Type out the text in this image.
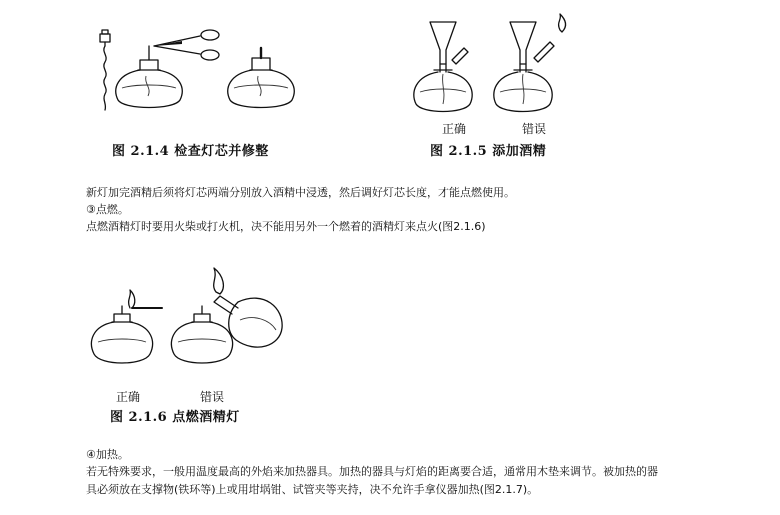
图 2.1.4 检查灯芯并修整
正确	错误
图 2.1.5 添加酒精
新灯加完酒精后须将灯芯两端分别放入酒精中浸透，然后调好灯芯长度，才能点燃使用。
③点燃。
点燃酒精灯时要用火柴或打火机，决不能用另外一个燃着的酒精灯来点火(图2.1.6)
正确	错误
图 2.1.6 点燃酒精灯
④加热。
若无特殊要求，一般用温度最高的外焰来加热器具。加热的器具与灯焰的距离要合适，通常用木垫来调节。被加热的器
具必须放在支撑物(铁环等)上或用坩埚钳、试管夹等夹持，决不允许手拿仪器加热(图2.1.7)。
